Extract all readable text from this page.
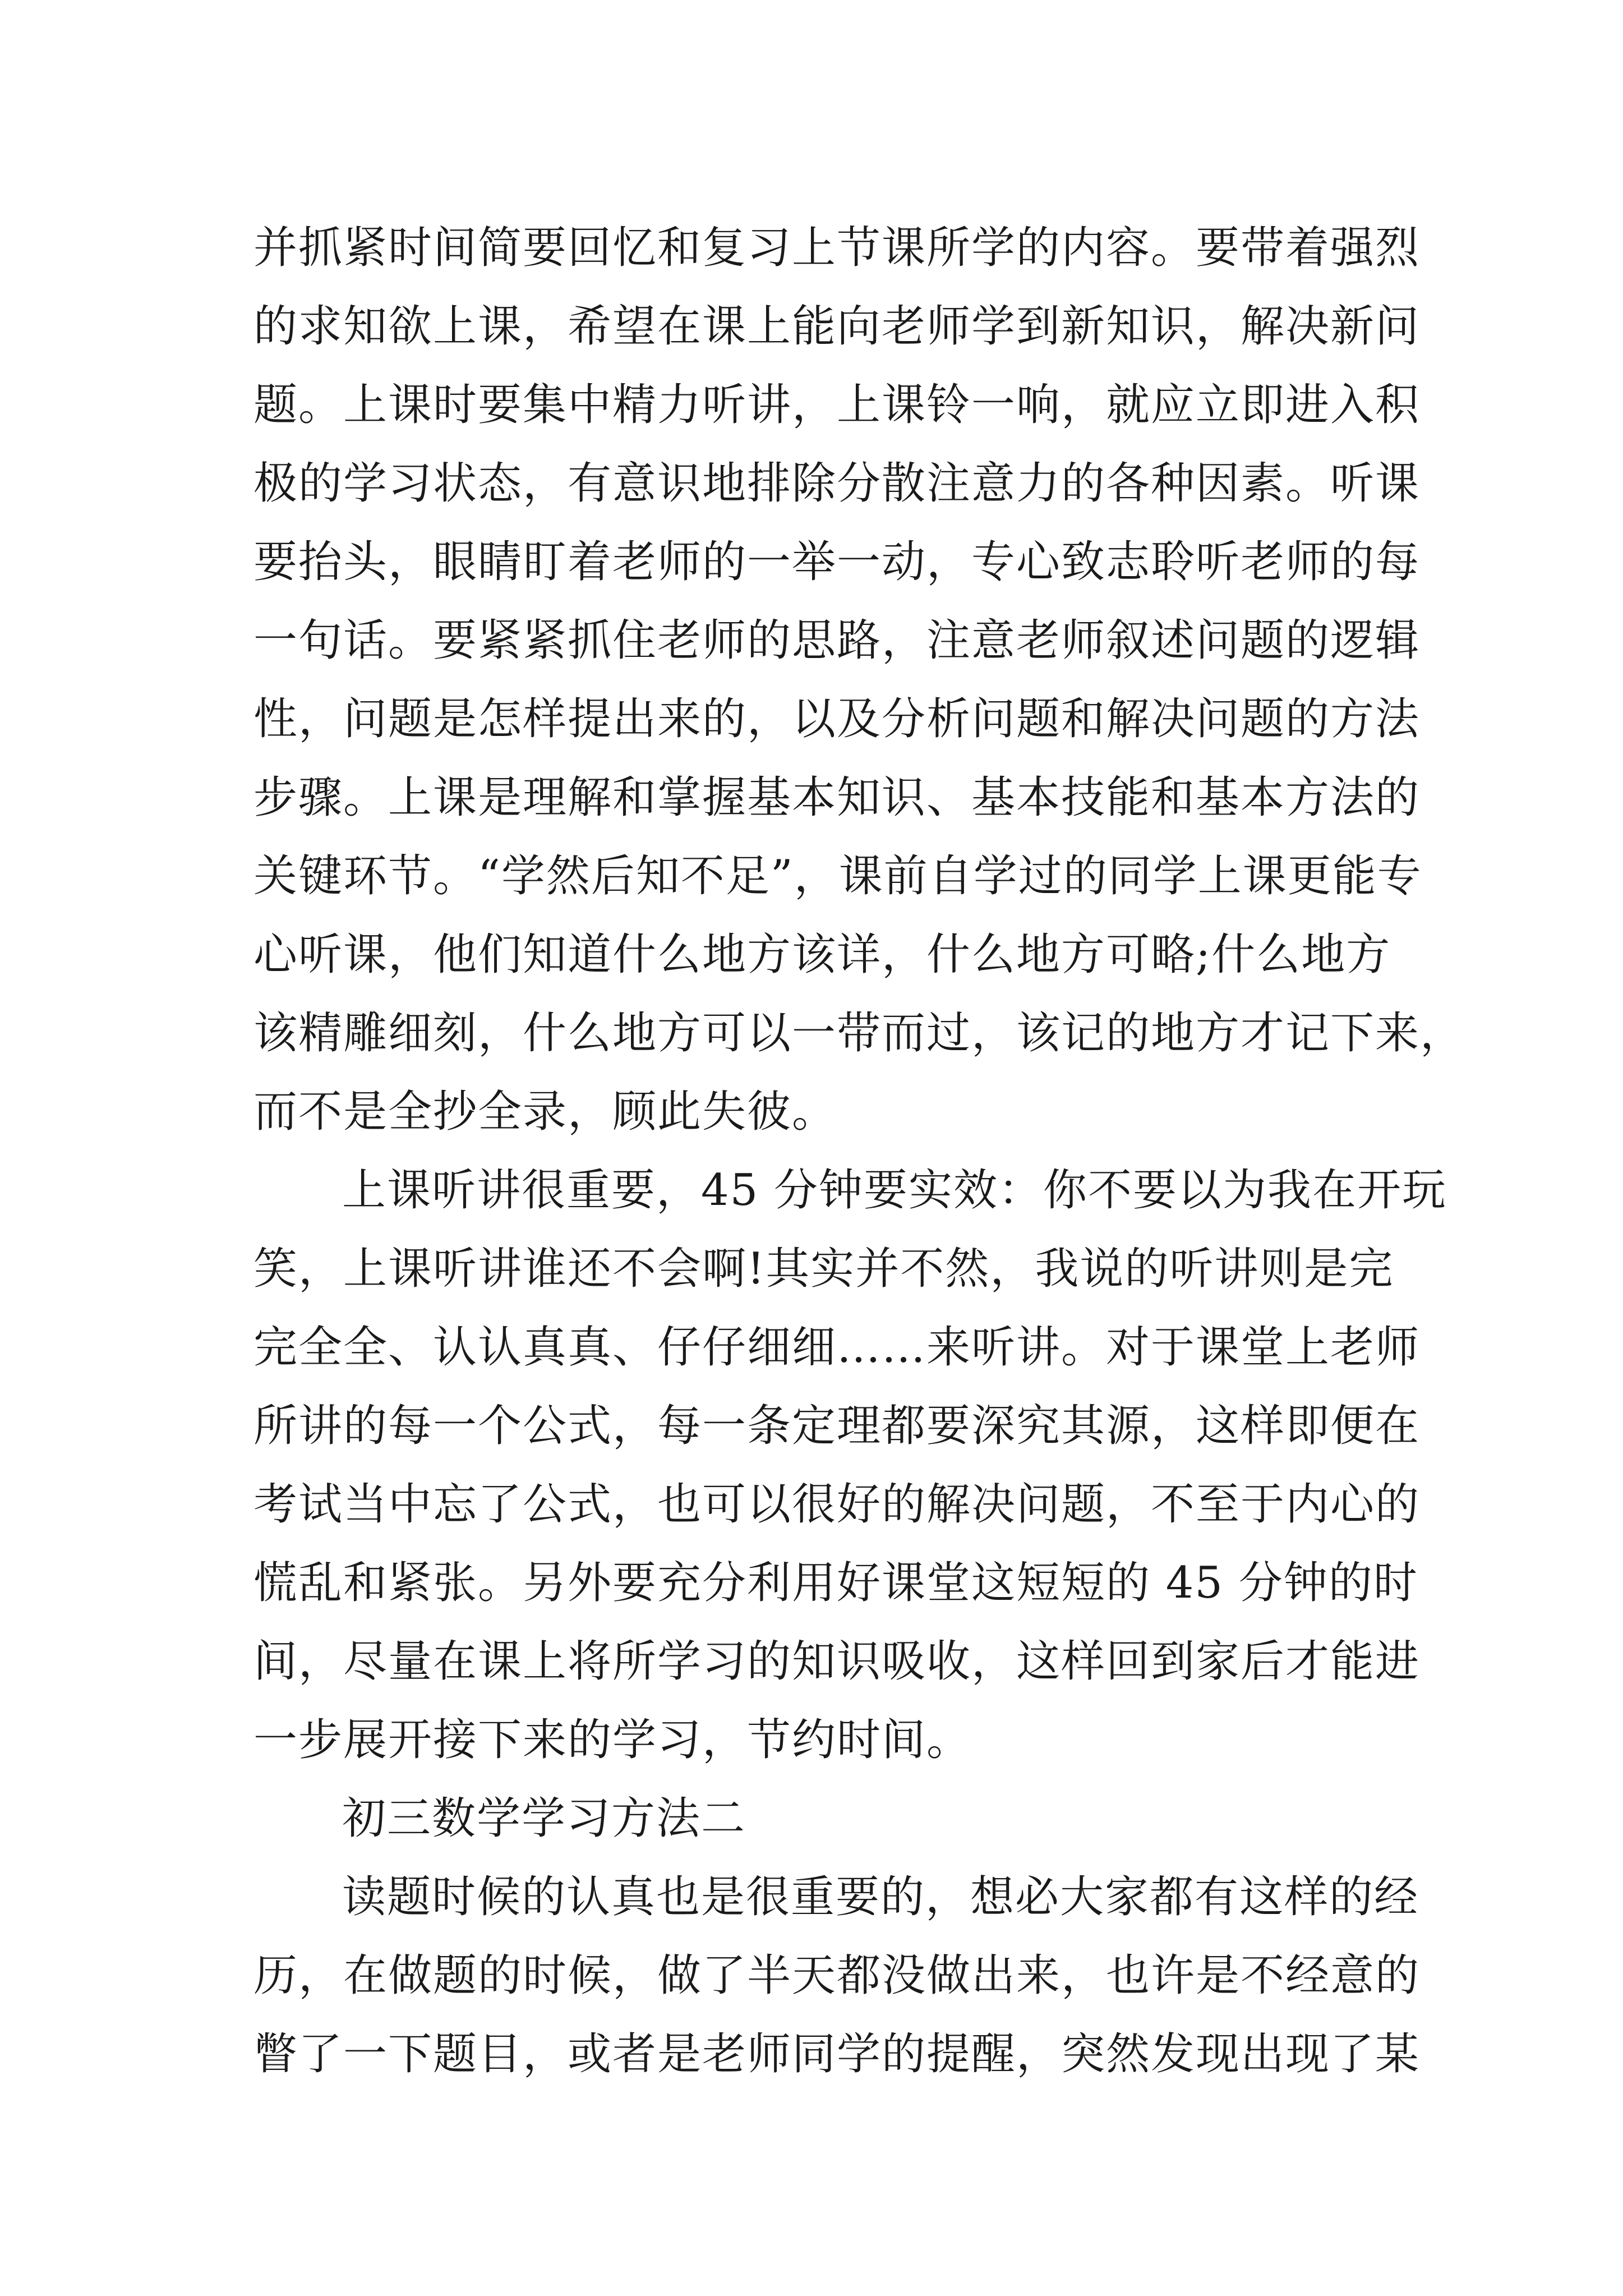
并抓紧时间简要回忆和复习上节课所学的内容。要带着强烈
的求知欲上课，希望在课上能向老师学到新知识，解决新问
题。上课时要集中精力听讲，上课铃一响，就应立即进入积
极的学习状态，有意识地排除分散注意力的各种因素。听课
要抬头，眼睛盯着老师的一举一动，专心致志聆听老师的每
一句话。要紧紧抓住老师的思路，注意老师叙述问题的逻辑
性，问题是怎样提出来的，以及分析问题和解决问题的方法
步骤。上课是理解和掌握基本知识、基本技能和基本方法的
关键环节。“学然后知不足”，课前自学过的同学上课更能专
心听课，他们知道什么地方该详，什么地方可略;什么地方
该精雕细刻，什么地方可以一带而过，该记的地方才记下来，
而不是全抄全录，顾此失彼。
上课听讲很重要，45 分钟要实效：你不要以为我在开玩
笑，上课听讲谁还不会啊!其实并不然，我说的听讲则是完
完全全、认认真真、仔仔细细……来听讲。对于课堂上老师
所讲的每一个公式，每一条定理都要深究其源，这样即便在
考试当中忘了公式，也可以很好的解决问题，不至于内心的
慌乱和紧张。另外要充分利用好课堂这短短的 45 分钟的时
间，尽量在课上将所学习的知识吸收，这样回到家后才能进
一步展开接下来的学习，节约时间。
初三数学学习方法二
读题时候的认真也是很重要的，想必大家都有这样的经
历，在做题的时候，做了半天都没做出来，也许是不经意的
瞥了一下题目，或者是老师同学的提醒，突然发现出现了某
